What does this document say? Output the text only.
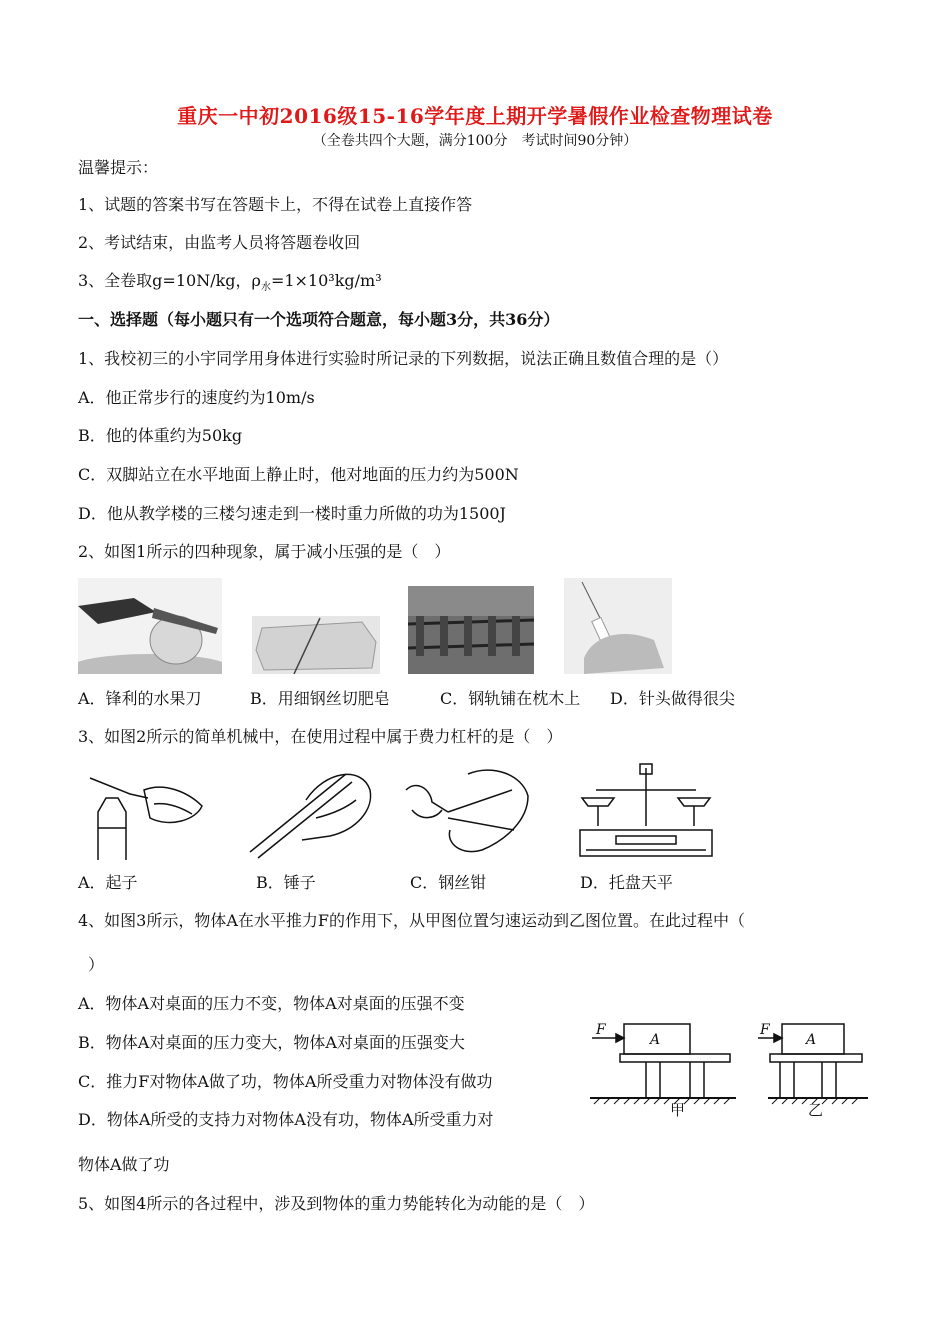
重庆一中初2016级15-16学年度上期开学暑假作业检查物理试卷
（全卷共四个大题，满分100分　考试时间90分钟）
温馨提示：
1、试题的答案书写在答题卡上，不得在试卷上直接作答
2、考试结束，由监考人员将答题卷收回
3、全卷取g=10N/kg，$\rho_水=1\times 10^3kg/m^3$
一、选择题（每小题只有一个选项符合题意，每小题3分，共36分）
1、我校初三的小宇同学用身体进行实验时所记录的下列数据，说法正确且数值合理的是（）
A．他正常步行的速度约为10m/s
B．他的体重约为50kg
C．双脚站立在水平地面上静止时，他对地面的压力约为500N
D．他从教学楼的三楼匀速走到一楼时重力所做的功为1500J
2、如图1所示的四种现象，属于减小压强的是（　）
A．锋利的水果刀	B．用细钢丝切肥皂	C．钢轨铺在枕木上 D．针头做得很尖
3、如图2所示的简单机械中，在使用过程中属于费力杠杆的是（　）
A．起子	B．锤子	C．钢丝钳	D．托盘天平
4、如图3所示，物体A在水平推力F的作用下，从甲图位置匀速运动到乙图位置。在此过程中（
）
A．物体A对桌面的压力不变，物体A对桌面的压强不变
B．物体A对桌面的压力变大，物体A对桌面的压强变大
C．推力F对物体A做了功，物体A所受重力对物体没有做功
D．物体A所受的支持力对物体A没有功，物体A所受重力对
物体A做了功
F
A
F
A
甲	乙
5、如图4所示的各过程中，涉及到物体的重力势能转化为动能的是（　）
